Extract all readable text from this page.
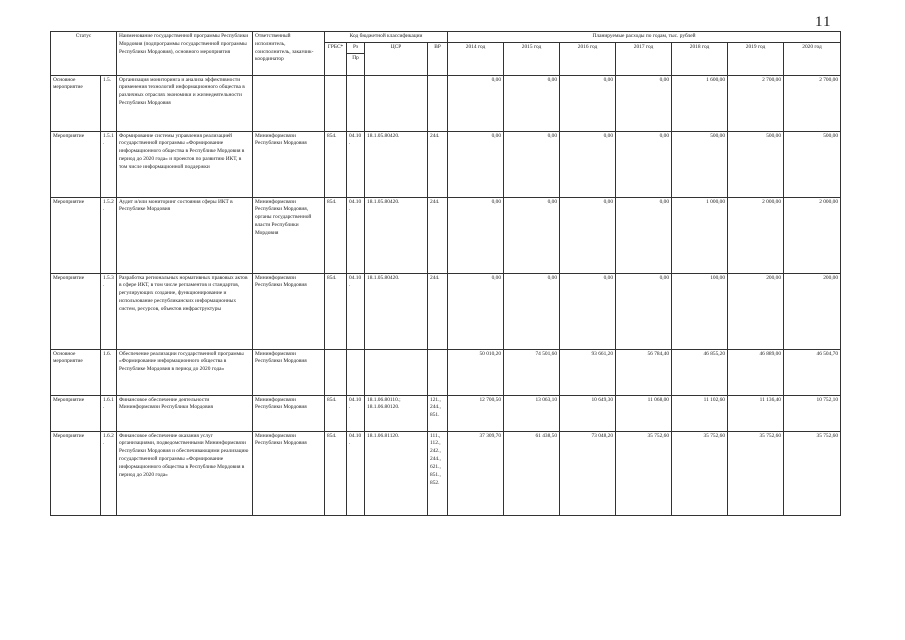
11
Статус		Наименование государственной программы Республики Мордовия (подпрограммы государственной программы Республики Мордовия), основного мероприятия	Ответственный исполнитель, соисполнитель, заказчик-координатор	Код бюджетной классификации				Планируемые расходы по годам, тыс. рублей						
				ГРБС*	Рз	ЦСР	ВР	2014 год	2015 год	2016 год	2017 год	2018 год	2019 год	2020 год
					Пр									
Основное мероприятие	1.5.	Организация мониторинга и анализа эффективности применения технологий информационного общества в различных отраслях экономики и жизнедеятельности Республики Мордовия						0,00	0,00	0,00	0,00	1 600,00	2 700,00	2 700,00
Мероприятие	1.5.1.	Формирование системы управления реализацией государственной программы «Формирование информационного общества в Республике Мордовия в период до 2020 года» и проектов по развитию ИКТ, в том числе информационной поддержки	Мининформсвязи Республики Мордовия	854.	04.10.	18.1.05.80420.	244.	0,00	0,00	0,00	0,00	500,00	500,00	500,00
Мероприятие	1.5.2.	Аудит и/или мониторинг состояния сферы ИКТ в Республике Мордовия	Мининформсвязи Республики Мордовия, органы государственной власти Республики Мордовия	854.	04.10.	18.1.05.80420.	244.	0,00	0,00	0,00	0,00	1 000,00	2 000,00	2 000,00
Мероприятие	1.5.3.	Разработка региональных нормативных правовых актов в сфере ИКТ, в том числе регламентов и стандартов, регулирующих создание, функционирование и использование республиканских информационных систем, ресурсов, объектов инфраструктуры	Мининформсвязи Республики Мордовия	854.	04.10.	18.1.05.80420.	244.	0,00	0,00	0,00	0,00	100,00	200,00	200,00
Основное мероприятие	1.6.	Обеспечение реализации государственной программы «Формирование информационного общества в Республике Мордовия в период до 2020 года»	Мининформсвязи Республики Мордовия					50 010,20	74 501,60	93 661,20	56 784,40	46 855,20	46 889,00	46 504,70
Мероприятие	1.6.1.	Финансовое обеспечение деятельности Мининформсвязи Республики Мордовия	Мининформсвязи Республики Мордовия	854.	04.10.	18.1.06.80110.; 18.1.06.80120.	121., 244., 851.	12 700,50	13 063,10	10 649,30	11 068,00	11 102,60	11 136,40	10 752,10
Мероприятие	1.6.2.	Финансовое обеспечение оказания услуг организациями, подведомственными Мининформсвязи Республики Мордовия и обеспечивающими реализацию государственной программы «Формирование информационного общества в Республике Мордовия в период до 2020 года»	Мининформсвязи Республики Мордовия	854.	04.10.	18.1.06.81120.	111., 112., 242., 244., 621., 851., 852.	37 309,70	61 438,50	73 048,20	35 752,60	35 752,60	35 752,60	35 752,60
